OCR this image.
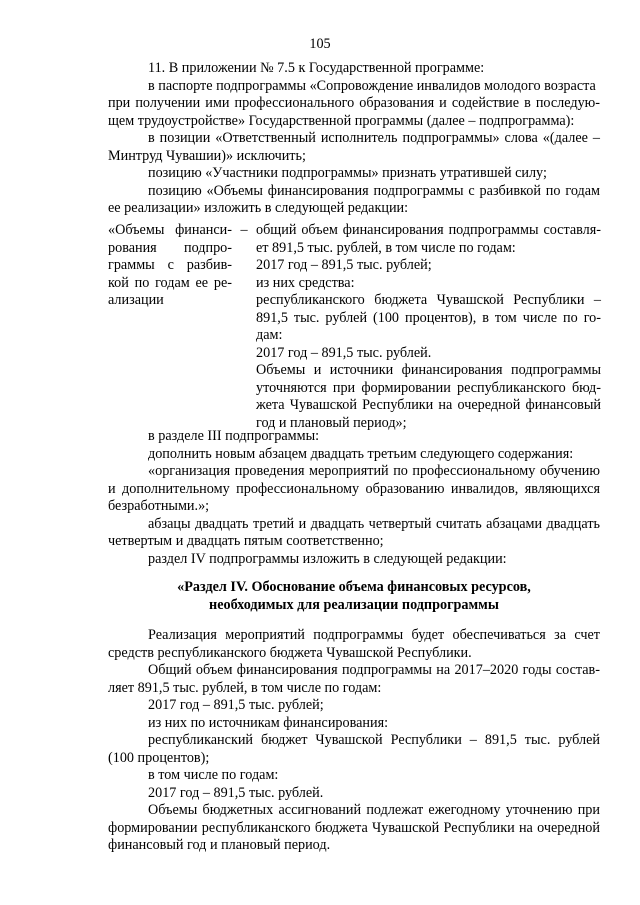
105

11. В приложении № 7.5 к Государственной программе:

в паспорте подпрограммы «Сопровождение инвалидов молодого возраста

при получении ими профессионального образования и содействие в последую-

щем трудоустройстве» Государственной программы (далее – подпрограмма):

в позиции «Ответственный исполнитель подпрограммы» слова «(далее –

Минтруд Чувашии)» исключить;

позицию «Участники подпрограммы» признать утратившей силу;

позицию «Объемы финансирования подпрограммы с разбивкой по годам

ее реализации» изложить в следующей редакции:

«Объемы финанси-

рования подпро-

граммы с разбив-

кой по годам ее ре-

ализации

– общий объем финансирования подпрограммы составля-

ет 891,5 тыс. рублей, в том числе по годам:

2017 год – 891,5 тыс. рублей;

из них средства:

республиканского бюджета Чувашской Республики –

891,5 тыс. рублей (100 процентов), в том числе по го-

дам:

2017 год – 891,5 тыс. рублей.

Объемы и источники финансирования подпрограммы

уточняются при формировании республиканского бюд-

жета Чувашской Республики на очередной финансовый

год и плановый период»;

в разделе III подпрограммы:

дополнить новым абзацем двадцать третьим следующего содержания:

«организация проведения мероприятий по профессиональному обучению

и дополнительному профессиональному образованию инвалидов, являющихся

безработными.»;

абзацы двадцать третий и двадцать четвертый считать абзацами двадцать

четвертым и двадцать пятым соответственно;

раздел IV подпрограммы изложить в следующей редакции:

«Раздел IV. Обоснование объема финансовых ресурсов,

необходимых для реализации подпрограммы

Реализация мероприятий подпрограммы будет обеспечиваться за счет

средств республиканского бюджета Чувашской Республики.

Общий объем финансирования подпрограммы на 2017–2020 годы состав-

ляет 891,5 тыс. рублей, в том числе по годам:

2017 год – 891,5 тыс. рублей;

из них по источникам финансирования:

республиканский бюджет Чувашской Республики – 891,5 тыс. рублей

(100 процентов);

в том числе по годам:

2017 год – 891,5 тыс. рублей.

Объемы бюджетных ассигнований подлежат ежегодному уточнению при

формировании республиканского бюджета Чувашской Республики на очередной

финансовый год и плановый период.
